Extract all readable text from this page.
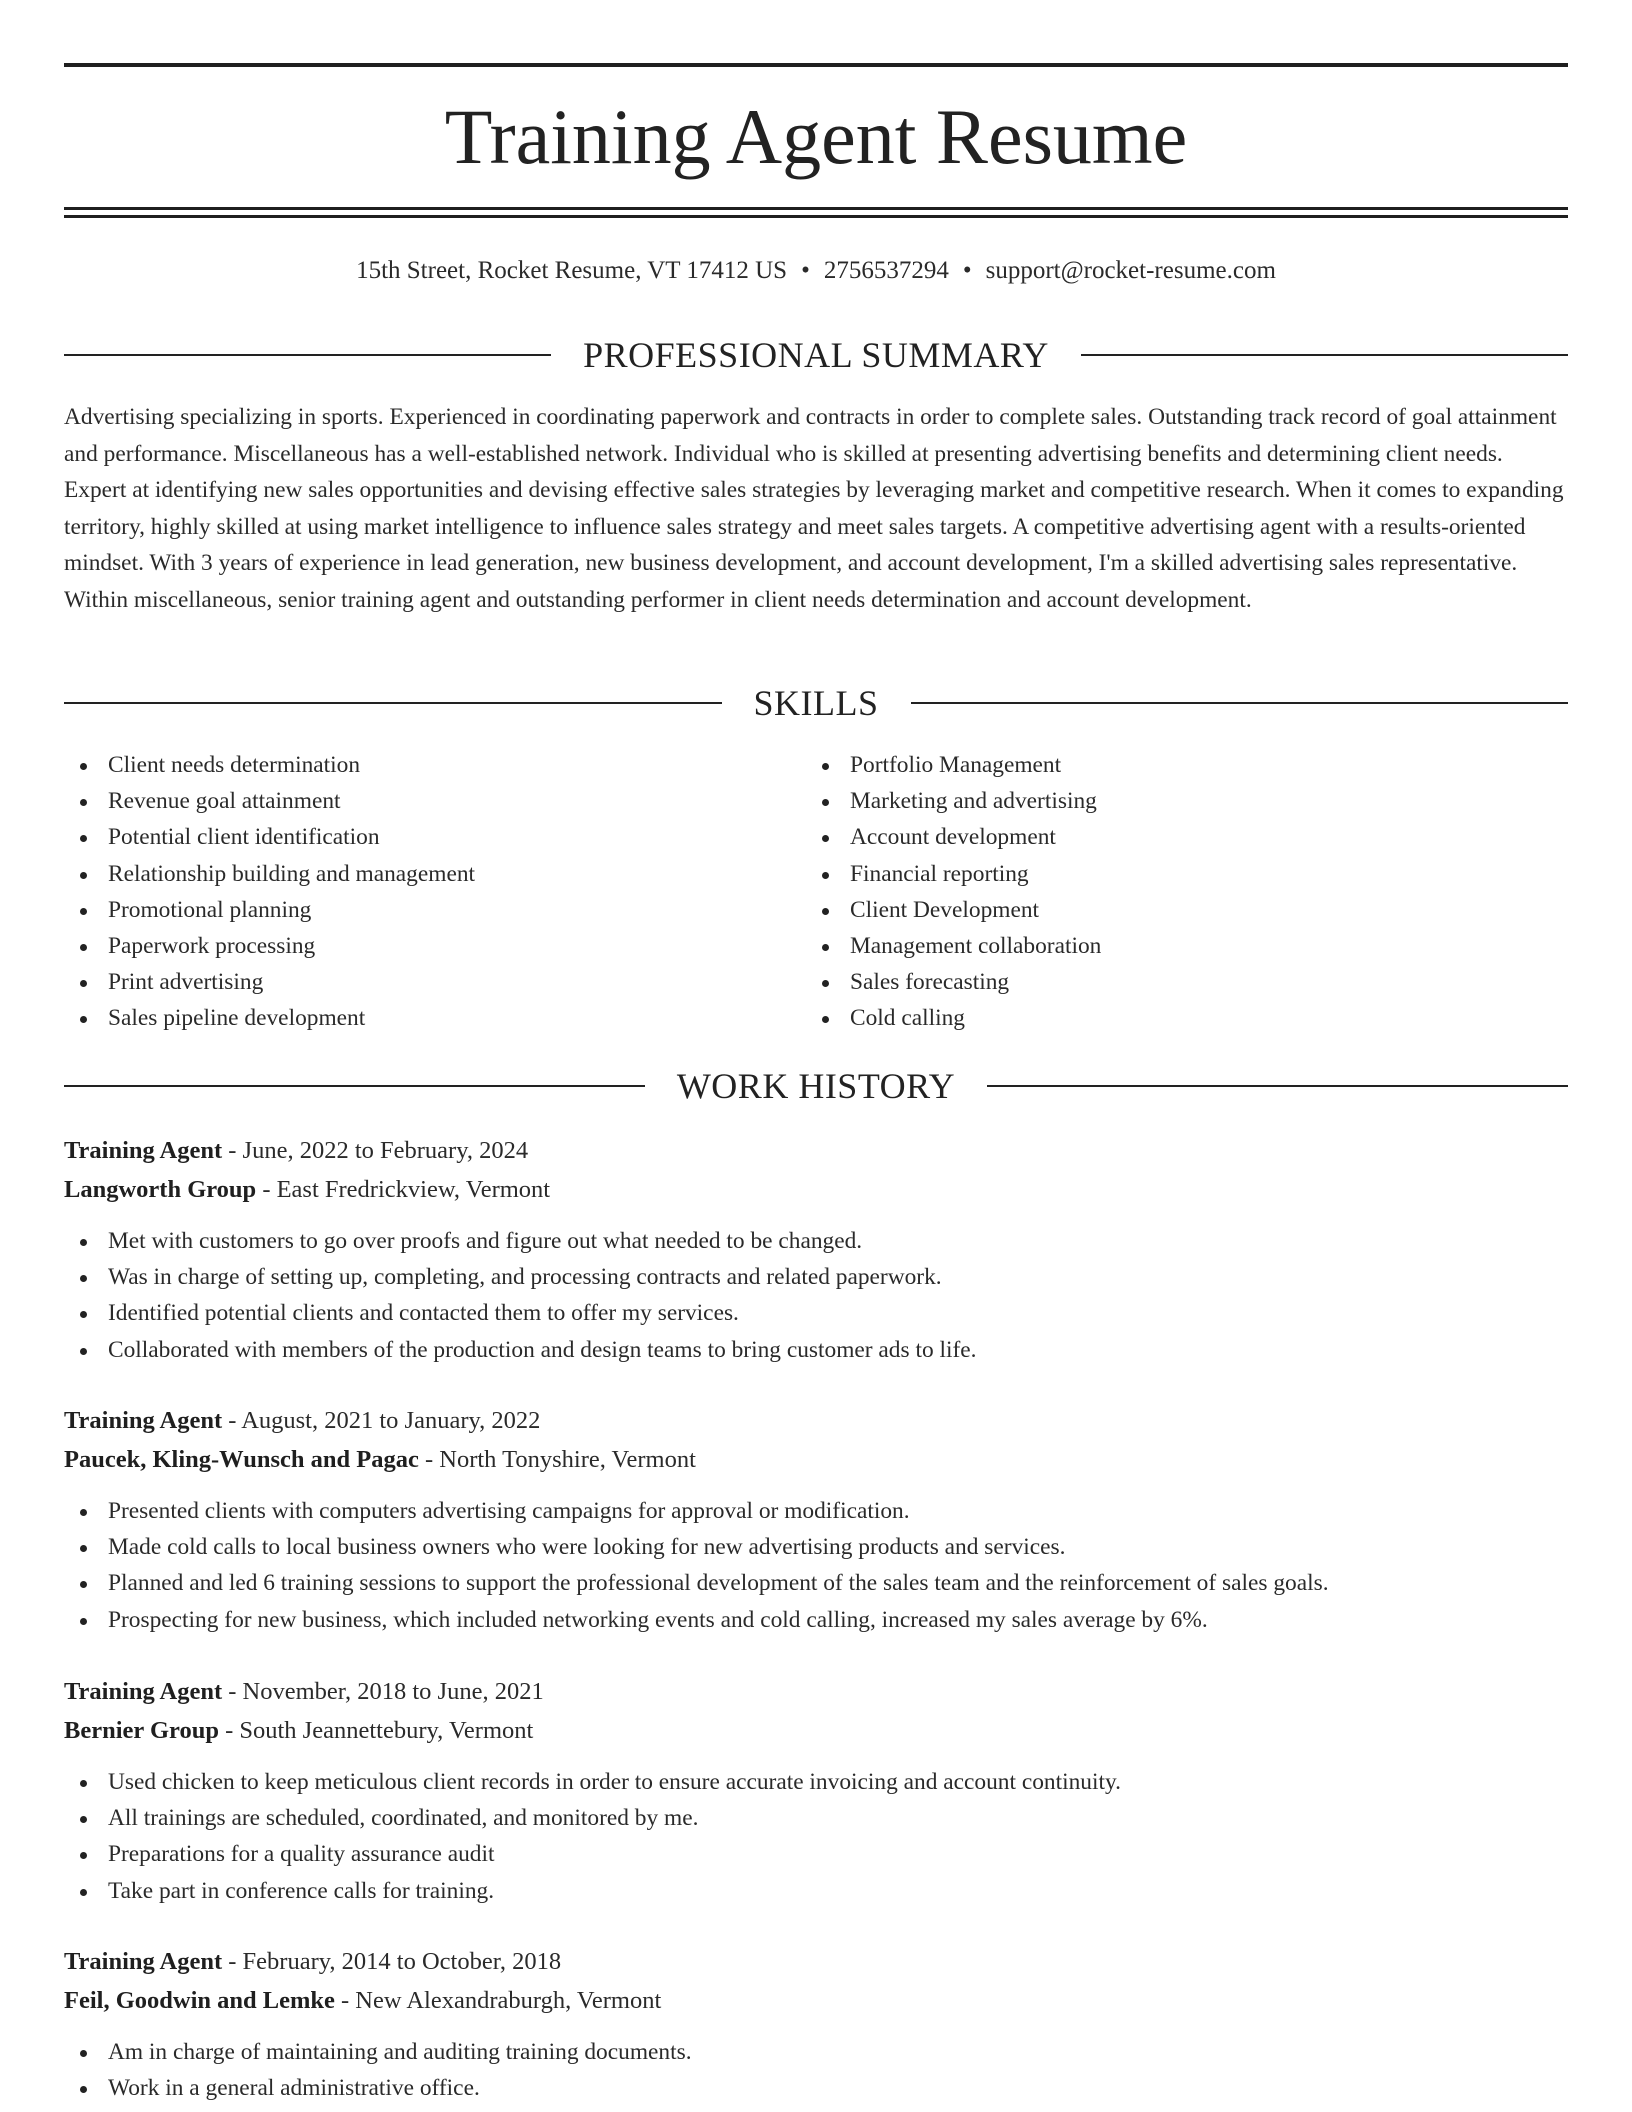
Training Agent Resume
15th Street, Rocket Resume, VT 17412 US • 2756537294 • support@rocket-resume.com
PROFESSIONAL SUMMARY

Advertising specializing in sports. Experienced in coordinating paperwork and contracts in order to complete sales. Outstanding track record of goal attainment and performance. Miscellaneous has a well-established network. Individual who is skilled at presenting advertising benefits and determining client needs. Expert at identifying new sales opportunities and devising effective sales strategies by leveraging market and competitive research. When it comes to expanding territory, highly skilled at using market intelligence to influence sales strategy and meet sales targets. A competitive advertising agent with a results-oriented mindset. With 3 years of experience in lead generation, new business development, and account development, I'm a skilled advertising sales representative. Within miscellaneous, senior training agent and outstanding performer in client needs determination and account development.

SKILLS
Client needs determination
Revenue goal attainment
Potential client identification
Relationship building and management
Promotional planning
Paperwork processing
Print advertising
Sales pipeline development
Portfolio Management
Marketing and advertising
Account development
Financial reporting
Client Development
Management collaboration
Sales forecasting
Cold calling
WORK HISTORY
Training Agent - June, 2022 to February, 2024
Langworth Group - East Fredrickview, Vermont
Met with customers to go over proofs and figure out what needed to be changed.
Was in charge of setting up, completing, and processing contracts and related paperwork.
Identified potential clients and contacted them to offer my services.
Collaborated with members of the production and design teams to bring customer ads to life.
Training Agent - August, 2021 to January, 2022
Paucek, Kling-Wunsch and Pagac - North Tonyshire, Vermont
Presented clients with computers advertising campaigns for approval or modification.
Made cold calls to local business owners who were looking for new advertising products and services.
Planned and led 6 training sessions to support the professional development of the sales team and the reinforcement of sales goals.
Prospecting for new business, which included networking events and cold calling, increased my sales average by 6%.
Training Agent - November, 2018 to June, 2021
Bernier Group - South Jeannettebury, Vermont
Used chicken to keep meticulous client records in order to ensure accurate invoicing and account continuity.
All trainings are scheduled, coordinated, and monitored by me.
Preparations for a quality assurance audit
Take part in conference calls for training.
Training Agent - February, 2014 to October, 2018
Feil, Goodwin and Lemke - New Alexandraburgh, Vermont
Am in charge of maintaining and auditing training documents.
Work in a general administrative office.
